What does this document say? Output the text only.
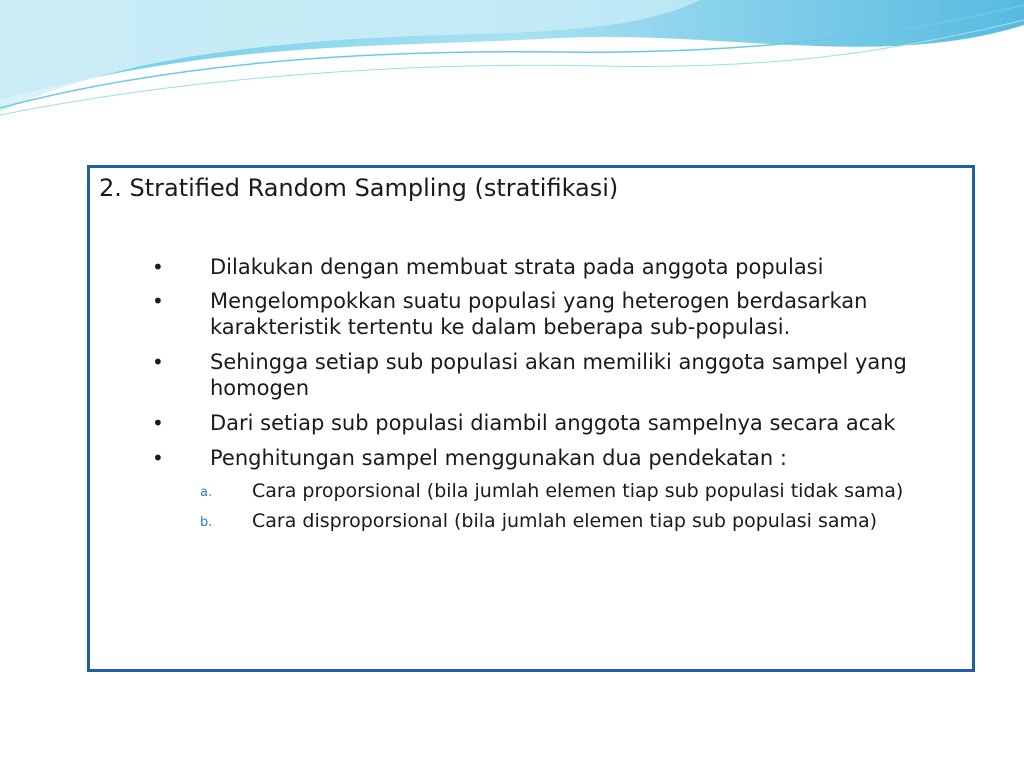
2. Stratified Random Sampling (stratifikasi)
• Dilakukan dengan membuat strata pada anggota populasi
• Mengelompokkan suatu populasi yang heterogen berdasarkan karakteristik tertentu ke dalam beberapa sub-populasi.
• Sehingga setiap sub populasi akan memiliki anggota sampel yang homogen
• Dari setiap sub populasi diambil anggota sampelnya secara acak
• Penghitungan sampel menggunakan dua pendekatan :
a. Cara proporsional (bila jumlah elemen tiap sub populasi tidak sama)
b. Cara disproporsional (bila jumlah elemen tiap sub populasi sama)
